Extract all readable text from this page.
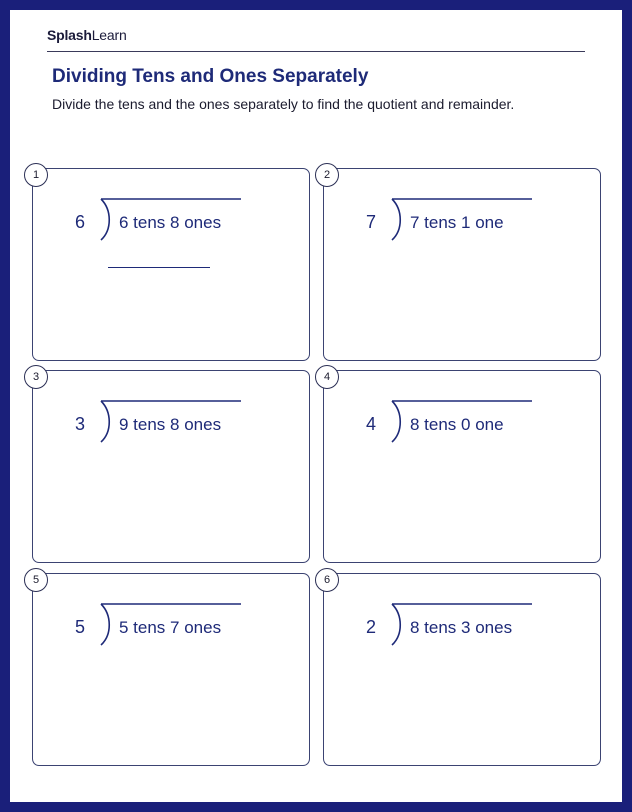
SplashLearn
Dividing Tens and Ones Separately
Divide the tens and the ones separately to find the quotient and remainder.
1
6 6 tens 8 ones
2
7 7 tens 1 one
3
3 9 tens 8 ones
4
4 8 tens 0 one
5
5 5 tens 7 ones
6
2 8 tens 3 ones
